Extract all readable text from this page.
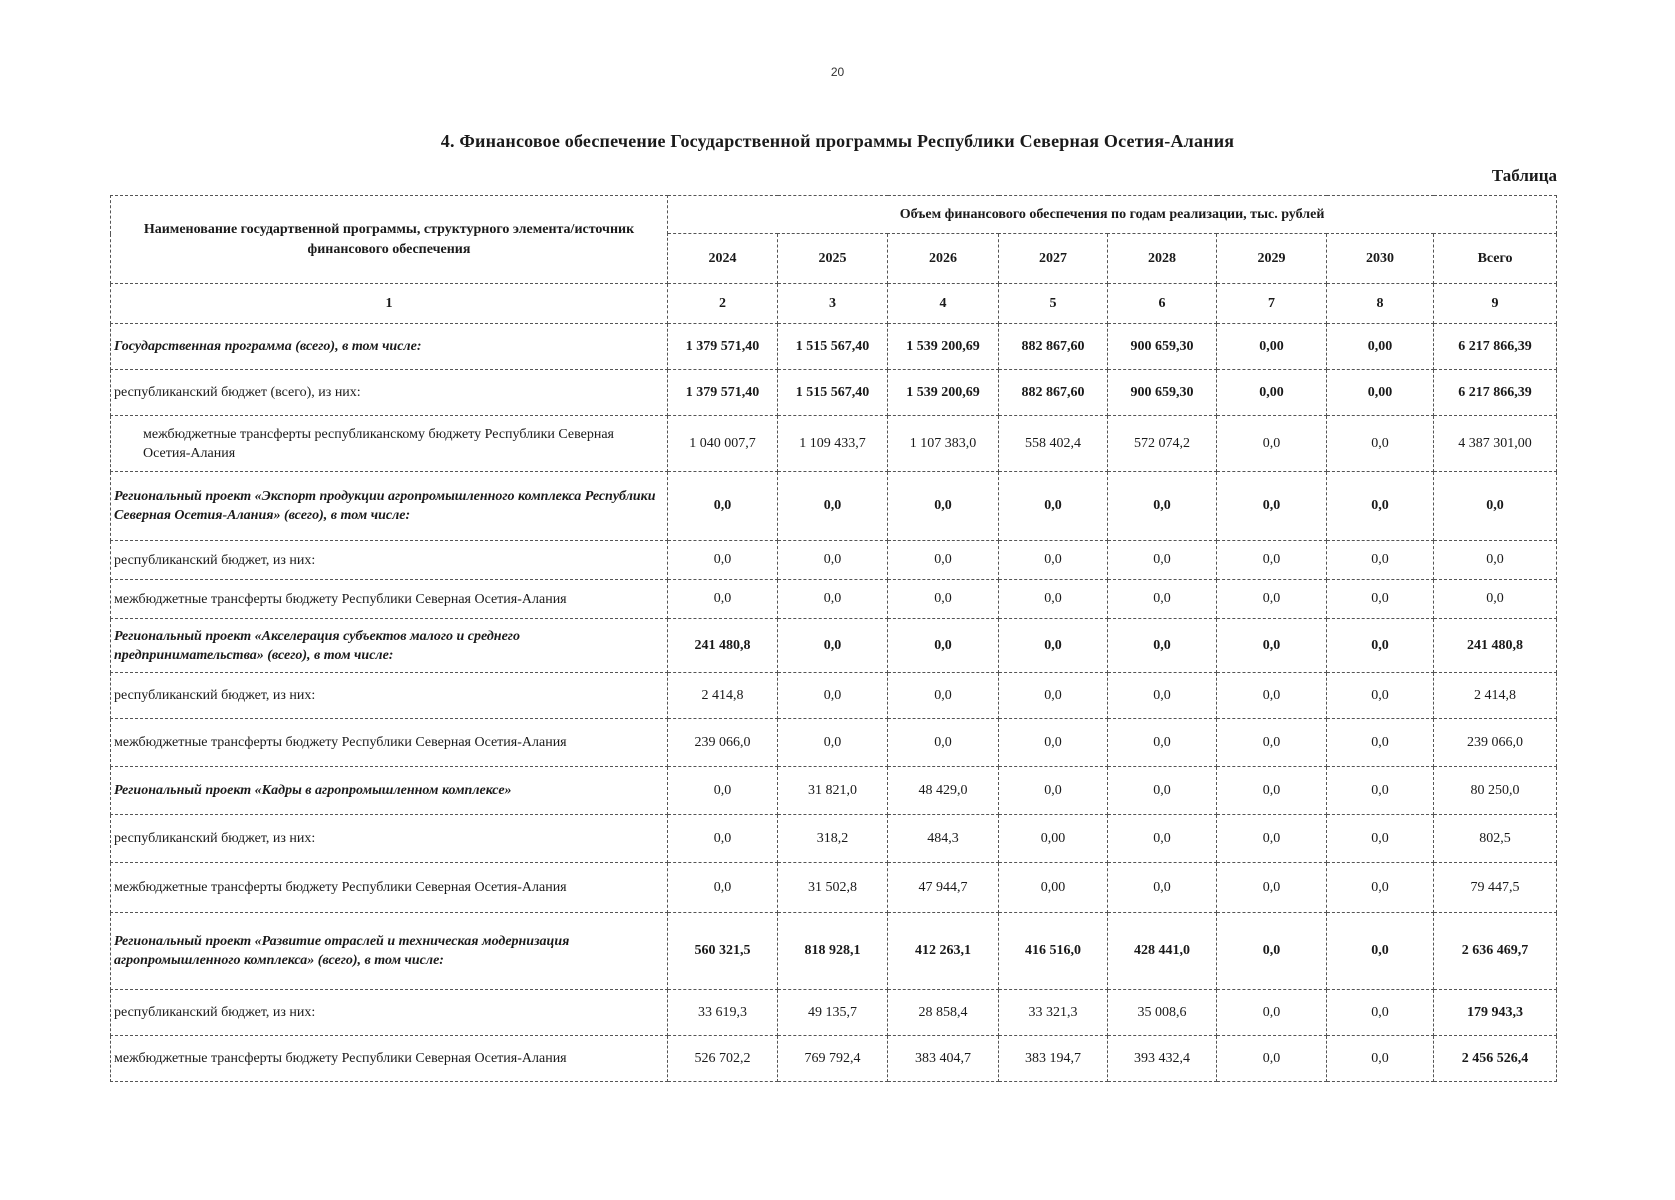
20
4. Финансовое обеспечение Государственной программы Республики Северная Осетия-Алания
Таблица
Наименование государтвенной программы, структурного элемента/источник финансового обеспечения	Объем финансового обеспечения по годам реализации, тыс. рублей							
	2024	2025	2026	2027	2028	2029	2030	Всего
1	2	3	4	5	6	7	8	9
Государственная программа (всего), в том числе:	1 379 571,40	1 515 567,40	1 539 200,69	882 867,60	900 659,30	0,00	0,00	6 217 866,39
республиканский бюджет (всего), из них:	1 379 571,40	1 515 567,40	1 539 200,69	882 867,60	900 659,30	0,00	0,00	6 217 866,39
межбюджетные трансферты республиканскому бюджету Республики Северная Осетия-Алания	1 040 007,7	1 109 433,7	1 107 383,0	558 402,4	572 074,2	0,0	0,0	4 387 301,00
Региональный проект «Экспорт продукции агропромышленного комплекса Республики Северная Осетия-Алания» (всего), в том числе:	0,0	0,0	0,0	0,0	0,0	0,0	0,0	0,0
республиканский бюджет, из них:	0,0	0,0	0,0	0,0	0,0	0,0	0,0	0,0
межбюджетные трансферты бюджету Республики Северная Осетия-Алания	0,0	0,0	0,0	0,0	0,0	0,0	0,0	0,0
Региональный проект «Акселерация субъектов малого и среднего предпринимательства» (всего), в том числе:	241 480,8	0,0	0,0	0,0	0,0	0,0	0,0	241 480,8
республиканский бюджет, из них:	2 414,8	0,0	0,0	0,0	0,0	0,0	0,0	2 414,8
межбюджетные трансферты бюджету Республики Северная Осетия-Алания	239 066,0	0,0	0,0	0,0	0,0	0,0	0,0	239 066,0
Региональный проект «Кадры в агропромышленном комплексе»	0,0	31 821,0	48 429,0	0,0	0,0	0,0	0,0	80 250,0
республиканский бюджет, из них:	0,0	318,2	484,3	0,00	0,0	0,0	0,0	802,5
межбюджетные трансферты бюджету Республики Северная Осетия-Алания	0,0	31 502,8	47 944,7	0,00	0,0	0,0	0,0	79 447,5
Региональный проект «Развитие отраслей и техническая модернизация агропромышленного комплекса» (всего), в том числе:	560 321,5	818 928,1	412 263,1	416 516,0	428 441,0	0,0	0,0	2 636 469,7
республиканский бюджет, из них:	33 619,3	49 135,7	28 858,4	33 321,3	35 008,6	0,0	0,0	179 943,3
межбюджетные трансферты бюджету Республики Северная Осетия-Алания	526 702,2	769 792,4	383 404,7	383 194,7	393 432,4	0,0	0,0	2 456 526,4
